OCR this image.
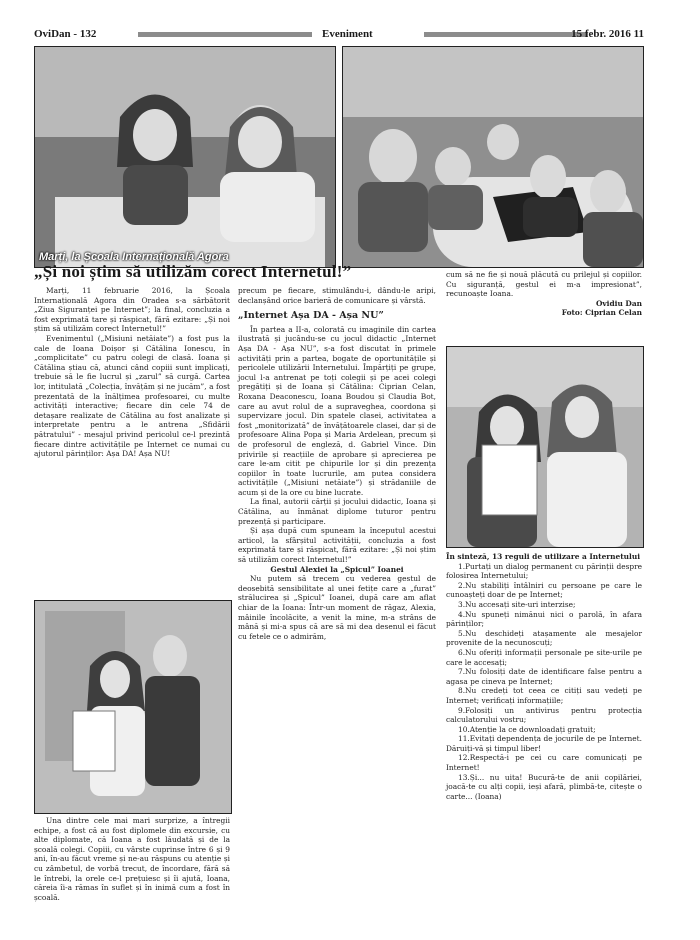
OviDan - 132	Eveniment	15 febr. 2016 11
Marți, la Școala Internațională Agora
„Și noi știm să utilizăm corect Internetul!”

Marți, 11 februarie 2016, la Școala Internațională Agora din Oradea s-a sărbătorit „Ziua Siguranței pe Internet”; la final, concluzia a fost exprimată tare și răspicat, fără ezitare: „Și noi știm să utilizăm corect Internetul!”

Evenimentul („Misiuni netăiate”) a fost pus la cale de Ioana Doișor și Cătălina Ionescu, în „complicitate” cu patru colegi de clasă. Ioana și Cătălina știau că, atunci când copiii sunt implicați, trebuie să le fie lucrul și „zarul” să curgă. Cartea lor, intitulată „Colecția, învățăm și ne jucăm”, a fost prezentată de la înălțimea profesoarei, cu multe activități interactive; fiecare din cele 74 de detașare realizate de Cătălina au fost analizate și interpretate pentru a le antrena „Sfidării pătratului” - mesajul privind pericolul ce-l prezintă fiecare dintre activitățile pe Internet ce numai cu ajutorul părinților: Așa DA! Așa NU!

Una dintre cele mai mari surprize, a întregii echipe, a fost că au fost diplomele din excursie, cu alte diplomate, că Ioana a fost lăudată și de la școală colegi. Copiii, cu vârste cuprinse între 6 și 9 ani, în-au făcut vreme și ne-au răspuns cu atenție și cu zâmbetul, de vorbă trecut, de încordare, fără să le întrebi, la orele ce-l prețuiesc și îi ajută, Ioana, căreia îi-a rămas în suflet și în inimă cum a fost în școală.

precum pe fiecare, stimulându-i, dându-le aripi, declanșând orice barieră de comunicare și vârstă.

„Internet Așa DA - Așa NU”

În partea a II-a, colorată cu imaginile din cartea ilustrată și jucându-se cu jocul didactic „Internet Așa DA - Așa NU”, s-a fost discutat în primele activități prin a partea, bogate de oportunitățile și pericolele utilizării Internetului. Împărțiți pe grupe, jocul l-a antrenat pe toți colegii și pe acei colegi pregătiți și de Ioana și Cătălina: Ciprian Celan, Roxana Deaconescu, Ioana Boudou și Claudia Bot, care au avut rolul de a supraveghea, coordona și supervizare jocul. Din spatele clasei, activitatea a fost „monitorizată” de învățătoarele clasei, dar și de profesoare Alina Popa și Maria Ardelean, precum și de profesorul de engleză, d. Gabriel Vince. Din privirile și reacțiile de aprobare și aprecierea pe care le-am citit pe chipurile lor și din prezența copiilor în toate lucrurile, am putea considera activitățile („Misiuni netăiate”) și strădaniile de acum și de la ore cu bine lucrate.

La final, autorii cărții și jocului didactic, Ioana și Cătălina, au înmânat diplome tuturor pentru prezență și participare.

Și așa după cum spuneam la începutul acestui articol, la sfârșitul activității, concluzia a fost exprimată tare și răspicat, fără ezitare: „Și noi știm să utilizăm corect Internetul!”

Gestul Alexiei la „Spicul” Ioanei

Nu putem să trecem cu vederea gestul de deosebită sensibilitate al unei fetițe care a „furat” strălucirea și „Spicul” Ioanei, după care am aflat chiar de la Ioana: Într-un moment de răgaz, Alexia, mâinile încolăcite, a venit la mine, m-a strâns de mână și mi-a spus că are să mi dea desenul ei făcut cu fetele ce o admirăm,

cum să ne fie și nouă plăcută cu prilejul și copiilor. Cu siguranță, gestul ei m-a impresionat”, recunoaște Ioana.

Ovidiu Dan

Foto: Ciprian Celan

În sinteză, 13 reguli de utilizare a Internetului

1.Purtați un dialog permanent cu părinții despre folosirea Internetului;

2.Nu stabiliți întâlniri cu persoane pe care le cunoașteți doar de pe Internet;

3.Nu accesați site-uri interzise;

4.Nu spuneți nimănui nici o parolă, în afara părinților;

5.Nu deschideți atașamente ale mesajelor provenite de la necunoscuți;

6.Nu oferiți informații personale pe site-urile pe care le accesați;

7.Nu folosiți date de identificare false pentru a agasa pe cineva pe Internet;

8.Nu credeți tot ceea ce citiți sau vedeți pe Internet; verificați informațiile;

9.Folosiți un antivirus pentru protecția calculatorului vostru;

10.Atenție la ce downloadați gratuit;

11.Evitați dependența de jocurile de pe Internet. Dăruiți-vă și timpul liber!

12.Respectă-i pe cei cu care comunicați pe Internet!

13.Și... nu uita! Bucură-te de anii copilăriei, joacă-te cu alți copii, ieși afară, plimbă-te, citește o carte... (Ioana)
